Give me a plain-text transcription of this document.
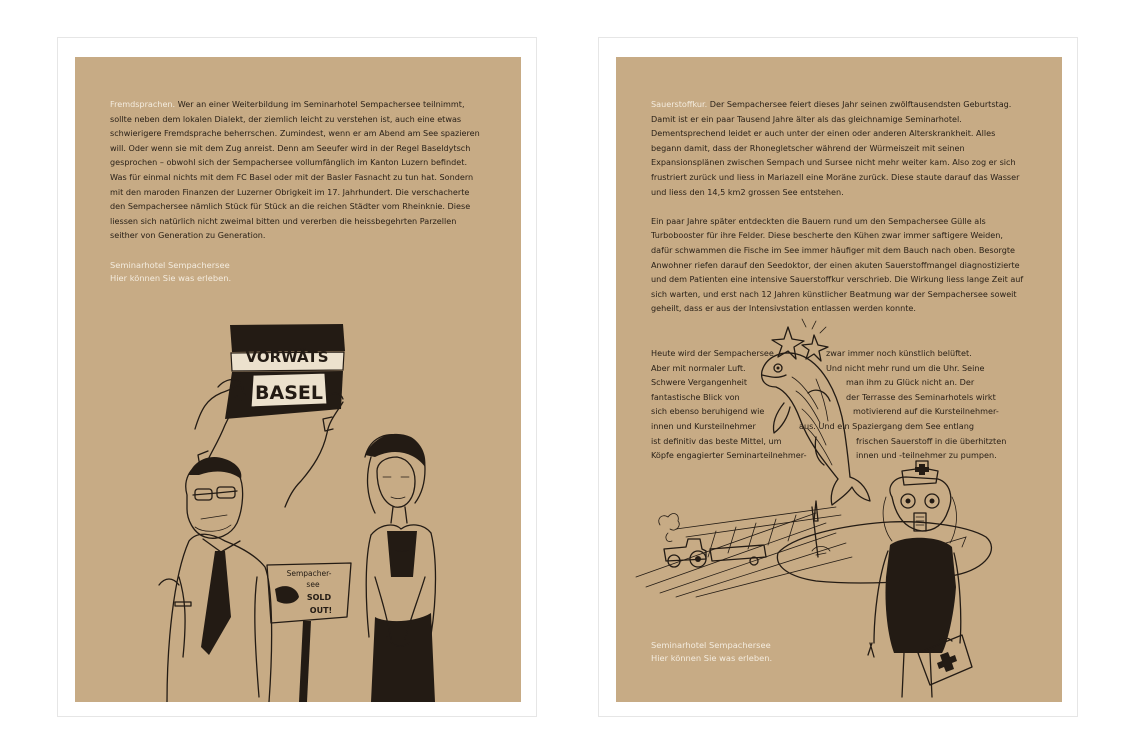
Fremdsprachen. Wer an einer Weiterbildung im Seminarhotel Sempachersee teilnimmt, sollte neben dem lokalen Dialekt, der ziemlich leicht zu verstehen ist, auch eine etwas schwierigere Fremdsprache beherrschen. Zumindest, wenn er am Abend am See spazieren will. Oder wenn sie mit dem Zug anreist. Denn am Seeufer wird in der Regel Baseldytsch gesprochen – obwohl sich der Sempachersee vollumfänglich im Kanton Luzern befindet. Was für einmal nichts mit dem FC Basel oder mit der Basler Fasnacht zu tun hat. Sondern mit den maroden Finanzen der Luzerner Obrigkeit im 17. Jahrhundert. Die verschacherte den Sempachersee nämlich Stück für Stück an die reichen Städter vom Rheinknie. Diese liessen sich natürlich nicht zweimal bitten und vererben die heissbegehrten Parzellen seither von Generation zu Generation.

Seminarhotel Sempachersee
Hier können Sie was erleben.
VORWÄTS
BASEL
Sempacher-
see
SOLD
OUT!

Sauerstoffkur. Der Sempachersee feiert dieses Jahr seinen zwölftausendsten Geburtstag. Damit ist er ein paar Tausend Jahre älter als das gleichnamige Seminarhotel. Dementsprechend leidet er auch unter der einen oder anderen Alterskrankheit. Alles begann damit, dass der Rhonegletscher während der Würmeiszeit mit seinen Expansionsplänen zwischen Sempach und Sursee nicht mehr weiter kam. Also zog er sich frustriert zurück und liess in Mariazell eine Moräne zurück. Diese staute darauf das Wasser und liess den 14,5 km2 grossen See entstehen.

Ein paar Jahre später entdeckten die Bauern rund um den Sempachersee Gülle als Turbobooster für ihre Felder. Diese bescherte den Kühen zwar immer saftigere Weiden, dafür schwammen die Fische im See immer häufiger mit dem Bauch nach oben. Besorgte Anwohner riefen darauf den Seedoktor, der einen akuten Sauerstoffmangel diagnostizierte und dem Patienten eine intensive Sauerstoffkur verschrieb. Die Wirkung liess lange Zeit auf sich warten, und erst nach 12 Jahren künstlicher Beatmung war der Sempachersee soweit geheilt, dass er aus der Intensivstation entlassen werden konnte.

Heute wird der Sempachersee
Aber mit normaler Luft.
Schwere Vergangenheit
fantastische Blick von
sich ebenso beruhigend wie
innen und Kursteilnehmer
ist definitiv das beste Mittel, um
Köpfe engagierter Seminarteilnehmer-
zwar immer noch künstlich belüftet.
Und nicht mehr rund um die Uhr. Seine
man ihm zu Glück nicht an. Der
der Terrasse des Seminarhotels wirkt
motivierend auf die Kursteilnehmer-
aus. Und ein Spaziergang dem See entlang
frischen Sauerstoff in die überhitzten
innen und -teilnehmer zu pumpen.
Seminarhotel Sempachersee
Hier können Sie was erleben.
